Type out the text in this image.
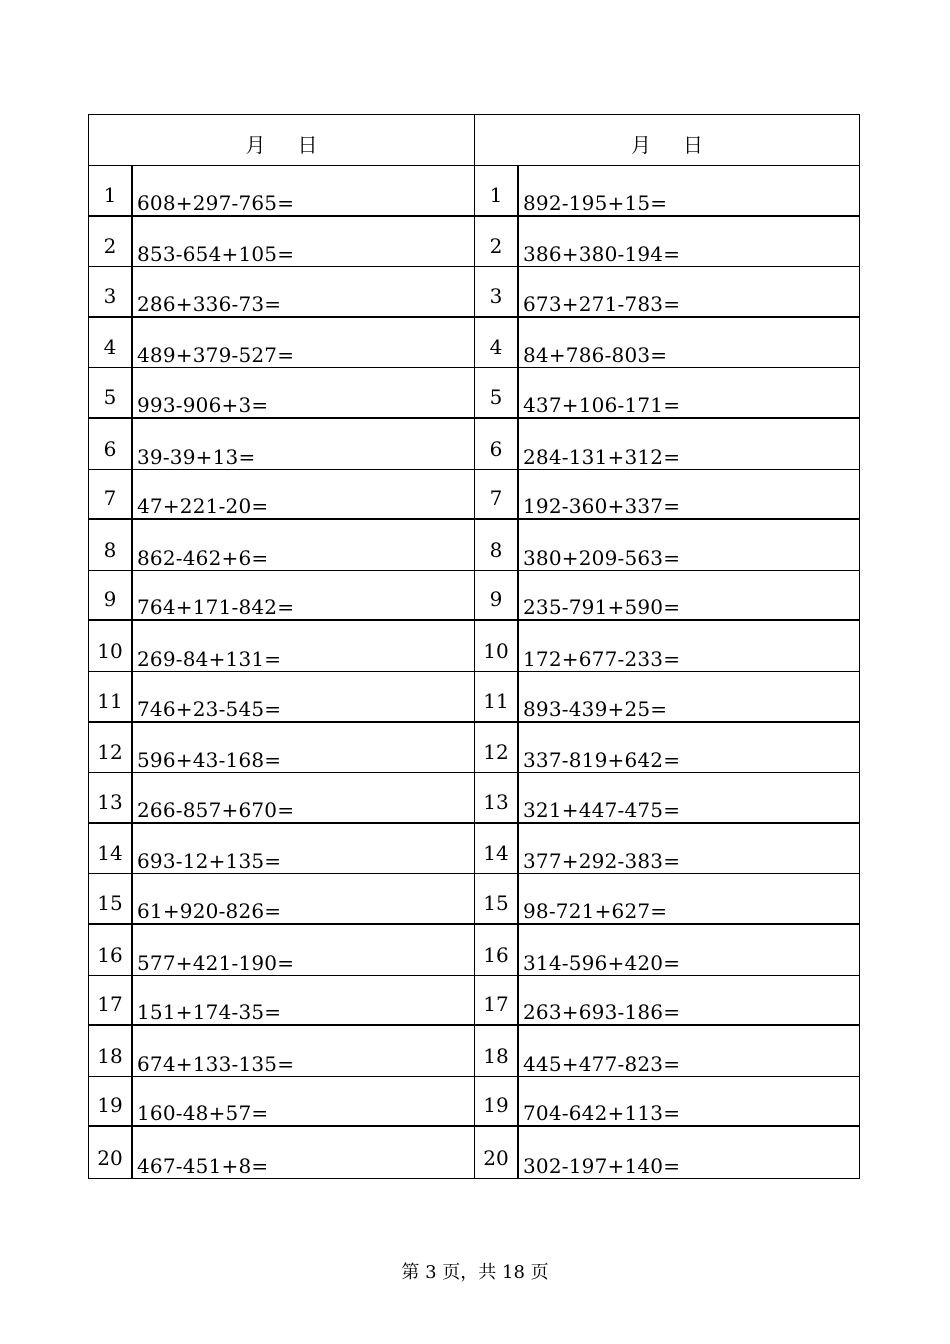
月 日
1	608+297-765=
2	853-654+105=
3	286+336-73=
4	489+379-527=
5	993-906+3=
6	39-39+13=
7	47+221-20=
8	862-462+6=
9	764+171-842=
10 269-84+131=
11 746+23-545=
12 596+43-168=
13 266-857+670=
14 693-12+135=
15 61+920-826=
16 577+421-190=
17 151+174-35=
18 674+133-135=
19 160-48+57=
20 467-451+8=
月 日
1	892-195+15=
2	386+380-194=
3	673+271-783=
4	84+786-803=
5	437+106-171=
6	284-131+312=
7	192-360+337=
8	380+209-563=
9	235-791+590=
10 172+677-233=
11 893-439+25=
12 337-819+642=
13 321+447-475=
14 377+292-383=
15 98-721+627=
16 314-596+420=
17 263+693-186=
18 445+477-823=
19 704-642+113=
20 302-197+140=
第 3 页，共 18 页
